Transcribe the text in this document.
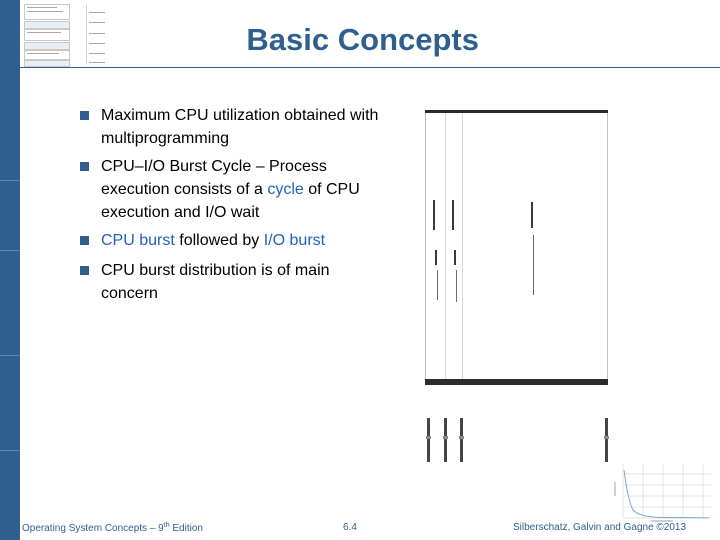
Basic Concepts
Maximum CPU utilization obtained with multiprogramming
CPU–I/O Burst Cycle – Process execution consists of a cycle of CPU execution and I/O wait
CPU burst followed by I/O burst
CPU burst distribution is of main concern
Operating System Concepts – 9th Edition	6.4	Silberschatz, Galvin and Gagne ©2013
